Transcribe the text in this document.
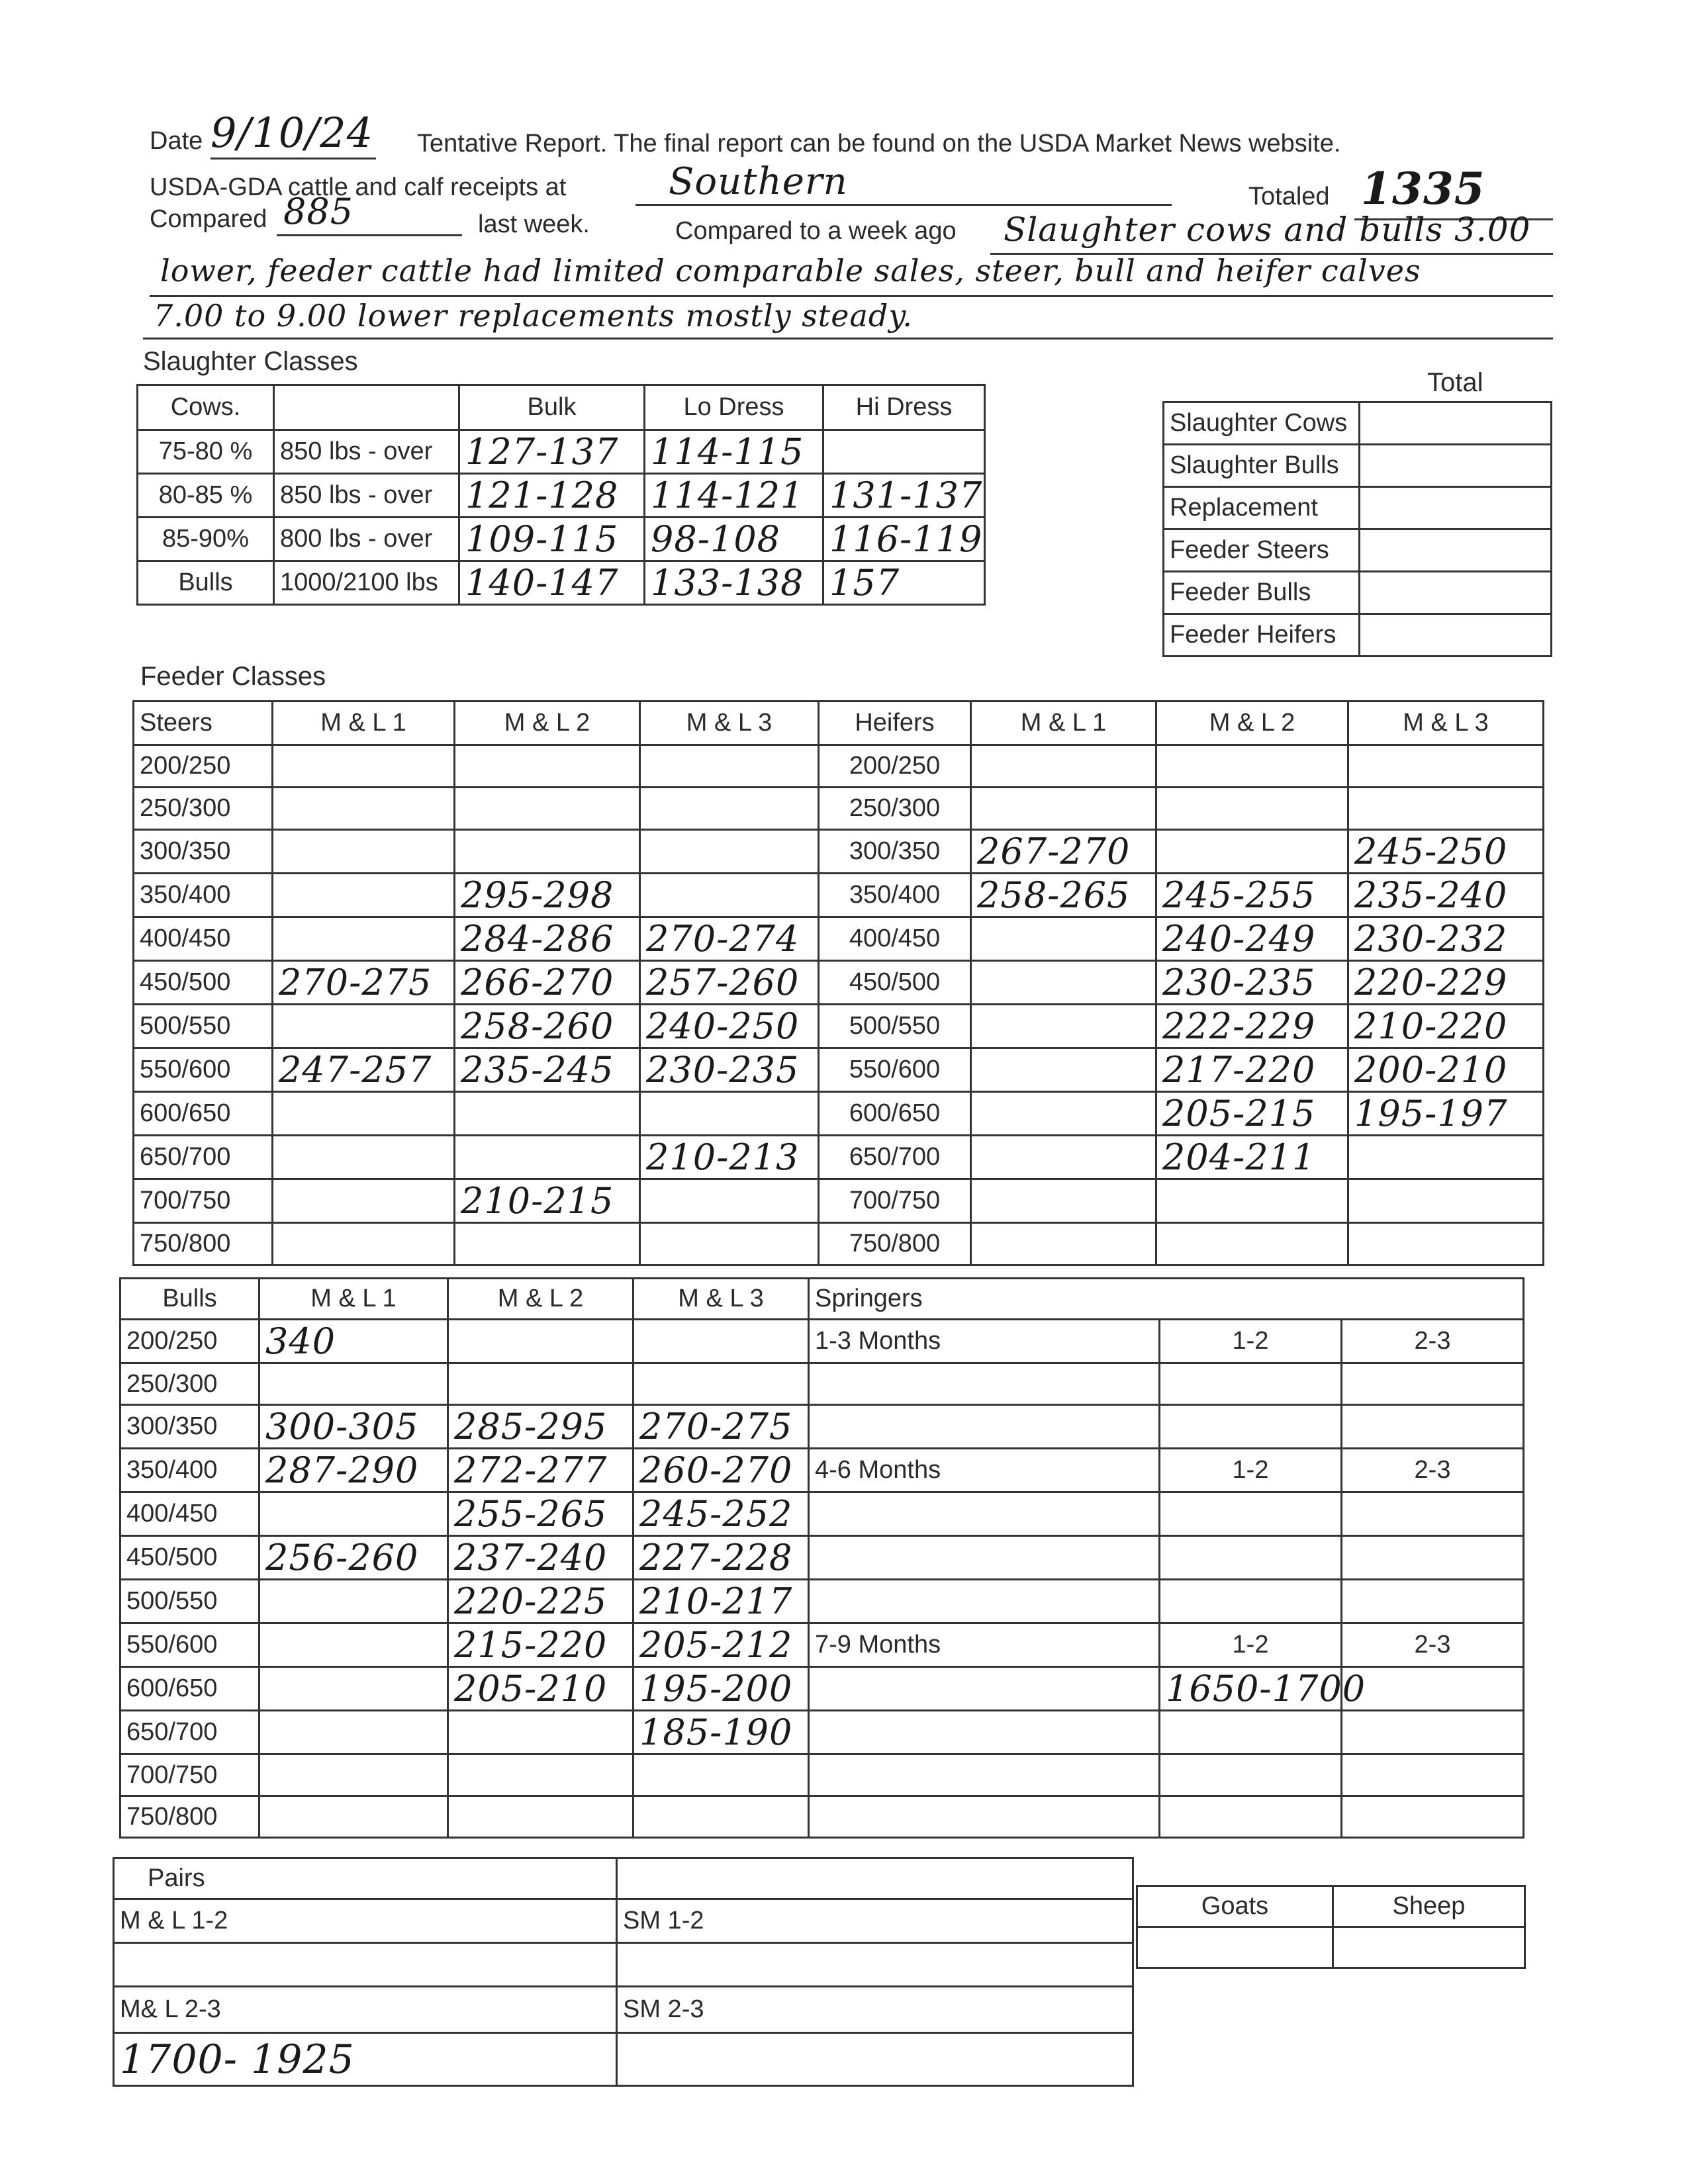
Date 9/10/24 Tentative Report. The final report can be found on the USDA Market News website.
USDA-GDA cattle and calf receipts at	Southern	Totaled 1335
Compared 885	last week.	Compared to a week ago Slaughter cows and bulls 3.00
lower, feeder cattle had limited comparable sales, steer, bull and heifer calves
7.00 to 9.00 lower replacements mostly steady.
Slaughter Classes
Cows.		Bulk	Lo Dress	Hi Dress
75-80 %	850 lbs - over	127-137	114-115	
80-85 %	850 lbs - over	121-128	114-121	131-137
85-90%	800 lbs - over	109-115	98-108	116-119
Bulls	1000/2100 lbs	140-147	133-138	157
Total
Slaughter Cows	
Slaughter Bulls	
Replacement	
Feeder Steers	
Feeder Bulls	
Feeder Heifers	
Feeder Classes
Steers	M & L 1	M & L 2	M & L 3	Heifers	M & L 1	M & L 2	M & L 3
200/250				200/250			
250/300				250/300			
300/350				300/350	267-270		245-250
350/400		295-298		350/400	258-265	245-255	235-240
400/450		284-286	270-274	400/450		240-249	230-232
450/500	270-275	266-270	257-260	450/500		230-235	220-229
500/550		258-260	240-250	500/550		222-229	210-220
550/600	247-257	235-245	230-235	550/600		217-220	200-210
600/650				600/650		205-215	195-197
650/700			210-213	650/700		204-211	
700/750		210-215		700/750			
750/800				750/800			
Bulls	M & L 1	M & L 2	M & L 3	Springers		
200/250	340			1-3 Months	1-2	2-3
250/300						
300/350	300-305	285-295	270-275			
350/400	287-290	272-277	260-270	4-6 Months	1-2	2-3
400/450		255-265	245-252			
450/500	256-260	237-240	227-228			
500/550		220-225	210-217			
550/600		215-220	205-212	7-9 Months	1-2	2-3
600/650		205-210	195-200		1650-1700	
650/700			185-190			
700/750						
750/800						
Pairs	
M & L 1-2	SM 1-2

M& L 2-3	SM 2-3
1700- 1925	
Goats	Sheep
